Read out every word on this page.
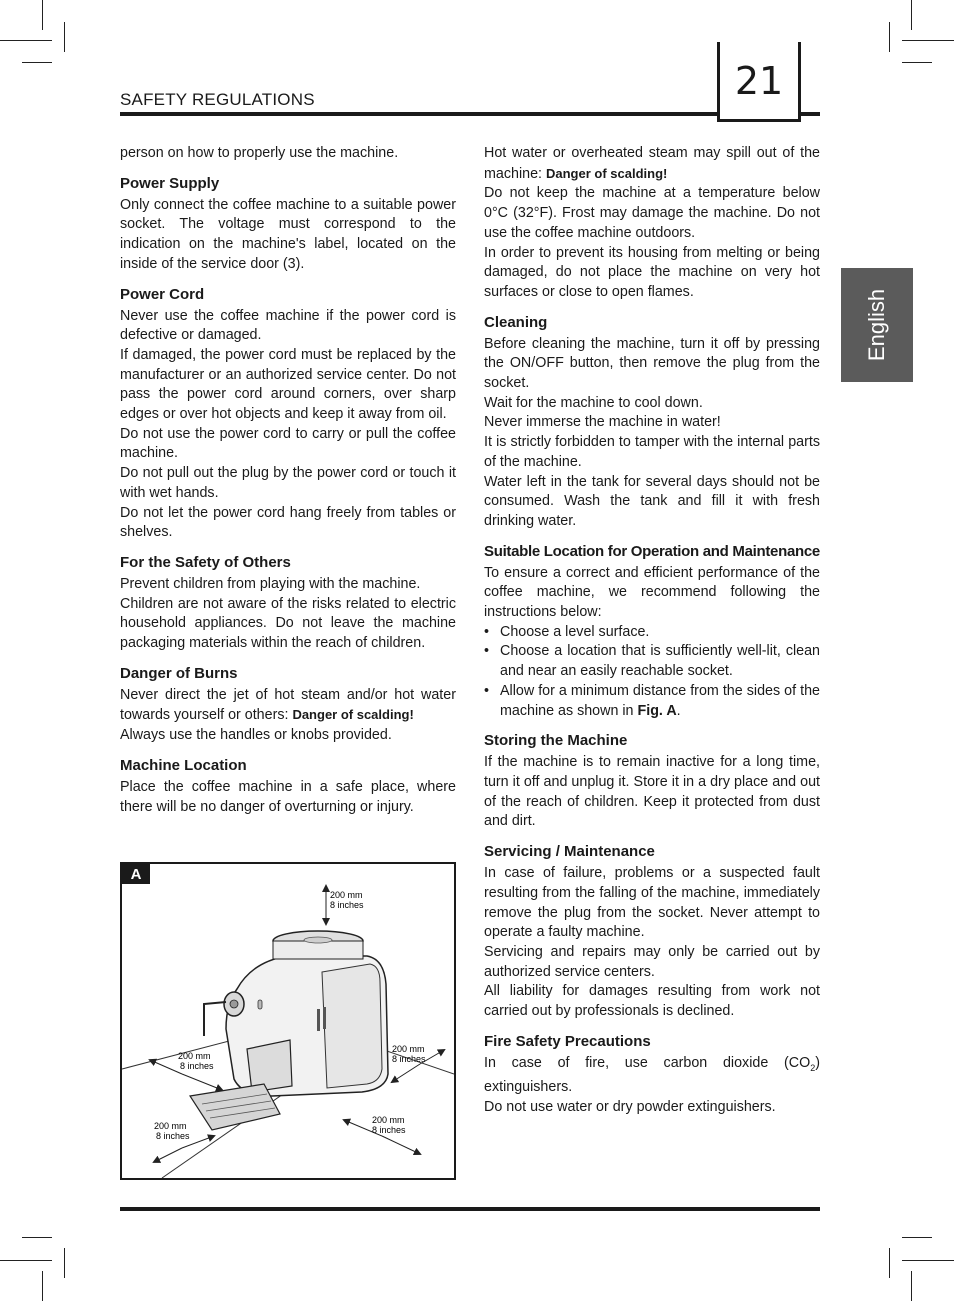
SAFETY REGULATIONS	21
English

person on how to properly use the machine.

Power Supply

Only connect the coffee machine to a suitable power socket. The voltage must correspond to the indication on the machine's label, located on the inside of the service door (3).

Power Cord

Never use the coffee machine if the power cord is defective or damaged.

If damaged, the power cord must be replaced by the manufacturer or an authorized service center. Do not pass the power cord around corners, over sharp edges or over hot objects and keep it away from oil.

Do not use the power cord to carry or pull the coffee machine.

Do not pull out the plug by the power cord or touch it with wet hands.

Do not let the power cord hang freely from tables or shelves.

For the Safety of Others

Prevent children from playing with the machine.

Children are not aware of the risks related to electric household appliances. Do not leave the machine packaging materials within the reach of children.

Danger of Burns

Never direct the jet of hot steam and/or hot water towards yourself or others: Danger of scalding!

Always use the handles or knobs provided.

Machine Location

Place the coffee machine in a safe place, where there will be no danger of overturning or injury.

A
200 mm
8 inches
200 mm
8 inches
200 mm
8 inches
200 mm
8 inches
200 mm
8 inches

Hot water or overheated steam may spill out of the machine: Danger of scalding!

Do not keep the machine at a temperature below 0°C (32°F). Frost may damage the machine. Do not use the coffee machine outdoors.

In order to prevent its housing from melting or being damaged, do not place the machine on very hot surfaces or close to open flames.

Cleaning

Before cleaning the machine, turn it off by pressing the ON/OFF button, then remove the plug from the socket.

Wait for the machine to cool down.

Never immerse the machine in water!

It is strictly forbidden to tamper with the internal parts of the machine.

Water left in the tank for several days should not be consumed. Wash the tank and fill it with fresh drinking water.

Suitable Location for Operation and Maintenance

To ensure a correct and efficient performance of the coffee machine, we recommend following the instructions below:

• Choose a level surface.
• Choose a location that is sufficiently well-lit, clean and near an easily reachable socket.
• Allow for a minimum distance from the sides of the machine as shown in Fig. A.
Storing the Machine

If the machine is to remain inactive for a long time, turn it off and unplug it. Store it in a dry place and out of the reach of children. Keep it protected from dust and dirt.

Servicing / Maintenance

In case of failure, problems or a suspected fault resulting from the falling of the machine, immediately remove the plug from the socket. Never attempt to operate a faulty machine.

Servicing and repairs may only be carried out by authorized service centers.

All liability for damages resulting from work not carried out by professionals is declined.

Fire Safety Precautions

In case of fire, use carbon dioxide $(CO_2)$ extinguishers.

Do not use water or dry powder extinguishers.
